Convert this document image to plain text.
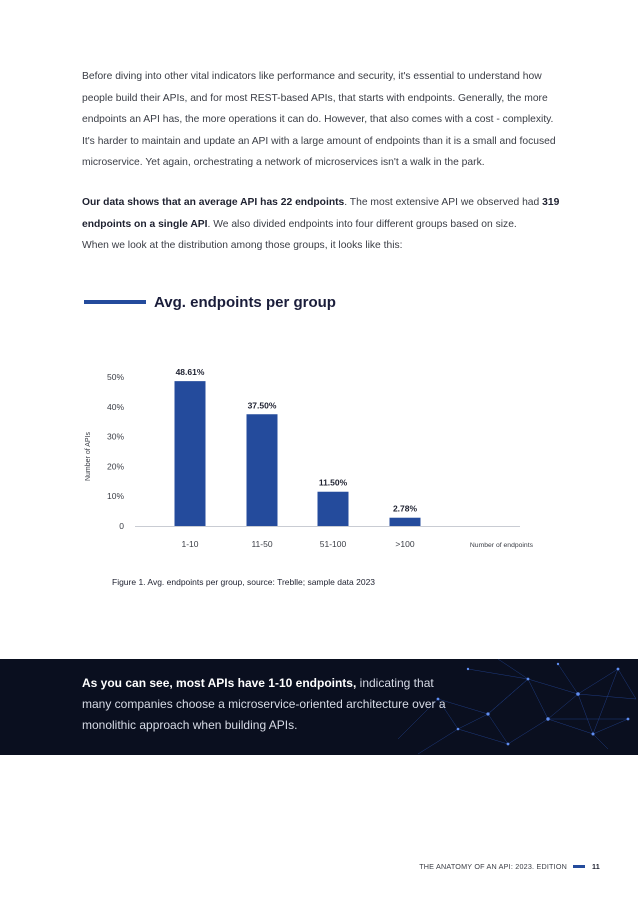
Before diving into other vital indicators like performance and security, it's essential to understand how people build their APIs, and for most REST-based APIs, that starts with endpoints. Generally, the more endpoints an API has, the more operations it can do. However, that also comes with a cost - complexity. It's harder to maintain and update an API with a large amount of endpoints than it is a small and focused microservice. Yet again, orchestrating a network of microservices isn't a walk in the park.

Our data shows that an average API has 22 endpoints. The most extensive API we observed had 319 endpoints on a single API. We also divided endpoints into four different groups based on size.
When we look at the distribution among those groups, it looks like this:

Avg. endpoints per group
0
10%
20%
30%
40%
50%
Number of APIs
48.61%
1-10
37.50%
11-50
11.50%
51-100
2.78%
>100	Number of endpoints
Figure 1. Avg. endpoints per group, source: Treblle; sample data 2023

As you can see, most APIs have 1-10 endpoints, indicating that many companies choose a microservice-oriented architecture over a monolithic approach when building APIs.

THE ANATOMY OF AN API: 2023. EDITION	11
